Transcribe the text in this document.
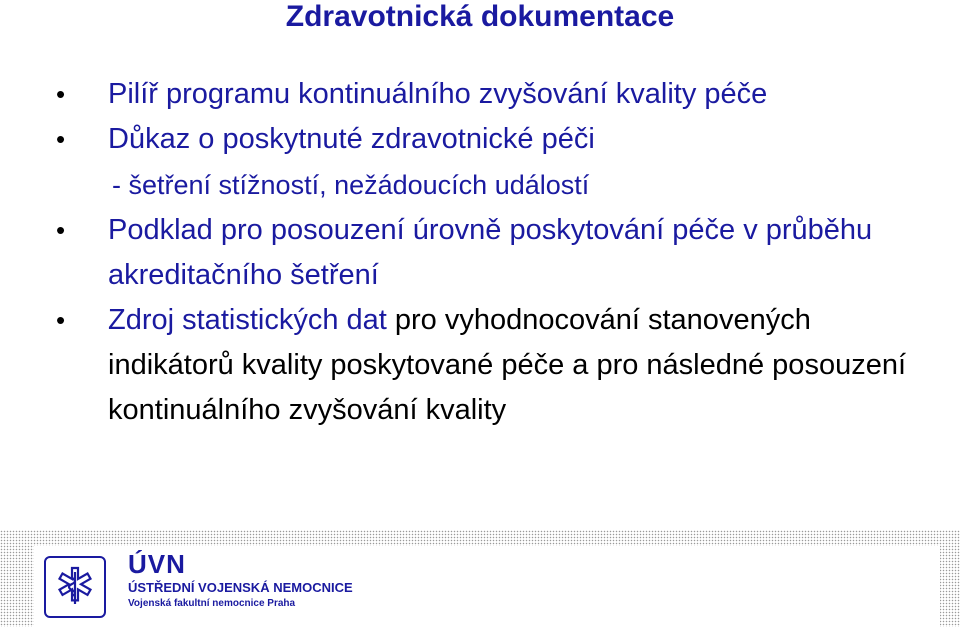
Zdravotnická dokumentace
• Pilíř programu kontinuálního zvyšování kvality péče
• Důkaz o poskytnuté zdravotnické péči
- šetření stížností, nežádoucích událostí
• Podklad pro posouzení úrovně poskytování péče v průběhu akreditačního šetření
• Zdroj statistických dat pro vyhodnocování stanovených indikátorů kvality poskytované péče a pro následné posouzení kontinuálního zvyšování kvality
ÚVN
ÚSTŘEDNÍ VOJENSKÁ NEMOCNICE
Vojenská fakultní nemocnice Praha
